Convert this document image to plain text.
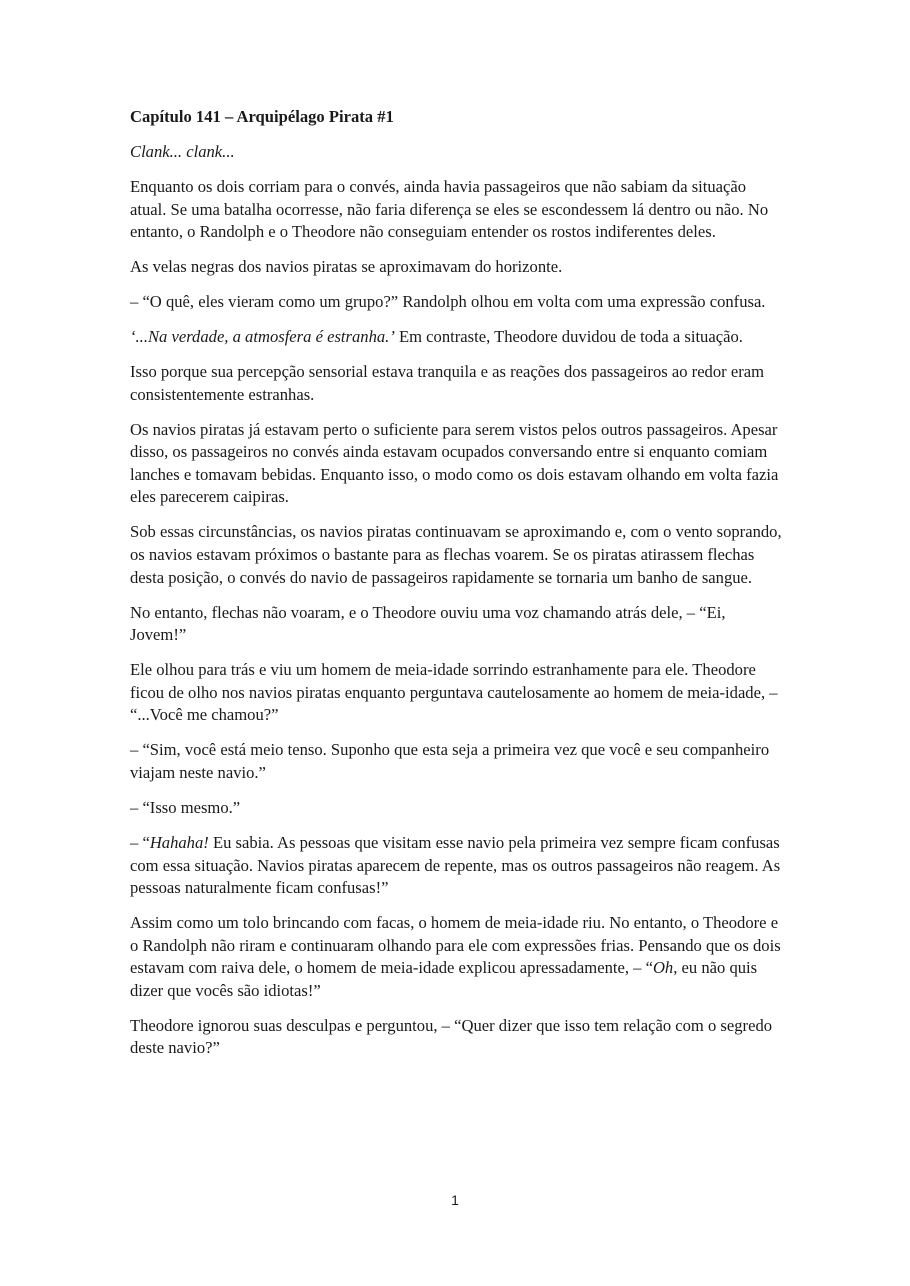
Capítulo 141 – Arquipélago Pirata #1

Clank... clank...

Enquanto os dois corriam para o convés, ainda havia passageiros que não sabiam da situação atual. Se uma batalha ocorresse, não faria diferença se eles se escondessem lá dentro ou não. No entanto, o Randolph e o Theodore não conseguiam entender os rostos indiferentes deles.

As velas negras dos navios piratas se aproximavam do horizonte.

– “O quê, eles vieram como um grupo?” Randolph olhou em volta com uma expressão confusa.

‘...Na verdade, a atmosfera é estranha.’ Em contraste, Theodore duvidou de toda a situação.

Isso porque sua percepção sensorial estava tranquila e as reações dos passageiros ao redor eram consistentemente estranhas.

Os navios piratas já estavam perto o suficiente para serem vistos pelos outros passageiros. Apesar disso, os passageiros no convés ainda estavam ocupados conversando entre si enquanto comiam lanches e tomavam bebidas. Enquanto isso, o modo como os dois estavam olhando em volta fazia eles parecerem caipiras.

Sob essas circunstâncias, os navios piratas continuavam se aproximando e, com o vento soprando, os navios estavam próximos o bastante para as flechas voarem. Se os piratas atirassem flechas desta posição, o convés do navio de passageiros rapidamente se tornaria um banho de sangue.

No entanto, flechas não voaram, e o Theodore ouviu uma voz chamando atrás dele, – “Ei, Jovem!”

Ele olhou para trás e viu um homem de meia-idade sorrindo estranhamente para ele. Theodore ficou de olho nos navios piratas enquanto perguntava cautelosamente ao homem de meia-idade, – “...Você me chamou?”

– “Sim, você está meio tenso. Suponho que esta seja a primeira vez que você e seu companheiro viajam neste navio.”

– “Isso mesmo.”

– “Hahaha! Eu sabia. As pessoas que visitam esse navio pela primeira vez sempre ficam confusas com essa situação. Navios piratas aparecem de repente, mas os outros passageiros não reagem. As pessoas naturalmente ficam confusas!”

Assim como um tolo brincando com facas, o homem de meia-idade riu. No entanto, o Theodore e o Randolph não riram e continuaram olhando para ele com expressões frias. Pensando que os dois estavam com raiva dele, o homem de meia-idade explicou apressadamente, – “Oh, eu não quis dizer que vocês são idiotas!”

Theodore ignorou suas desculpas e perguntou, – “Quer dizer que isso tem relação com o segredo deste navio?”

1
